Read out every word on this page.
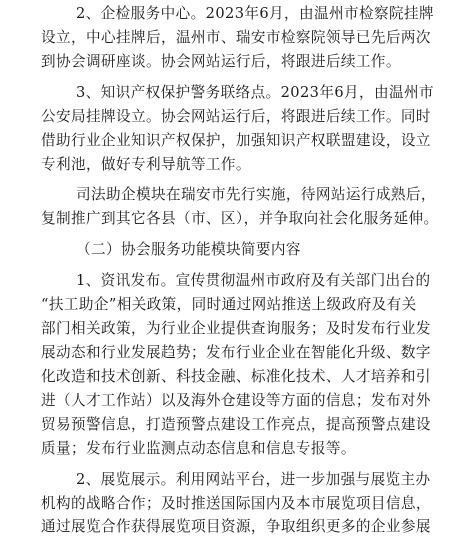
2、企检服务中心。2023年6月，由温州市检察院挂牌
设立，中心挂牌后，温州市、瑞安市检察院领导已先后两次
到协会调研座谈。协会网站运行后，将跟进后续工作。
3、知识产权保护警务联络点。2023年6月，由温州市
公安局挂牌设立。协会网站运行后，将跟进后续工作。同时
借助行业企业知识产权保护，加强知识产权联盟建设，设立
专利池，做好专利导航等工作。
司法助企模块在瑞安市先行实施，待网站运行成熟后，
复制推广到其它各县（市、区），并争取向社会化服务延伸。
（二）协会服务功能模块简要内容
1、资讯发布。宣传贯彻温州市政府及有关部门出台的
“扶工助企”相关政策，同时通过网站推送上级政府及有关
部门相关政策，为行业企业提供查询服务；及时发布行业发
展动态和行业发展趋势；发布行业企业在智能化升级、数字
化改造和技术创新、科技金融、标准化技术、人才培养和引
进（人才工作站）以及海外仓建设等方面的信息；发布对外
贸易预警信息，打造预警点建设工作亮点，提高预警点建设
质量；发布行业监测点动态信息和信息专报等。
2、展览展示。利用网站平台，进一步加强与展览主办
机构的战略合作；及时推送国际国内及本市展览项目信息，
通过展览合作获得展览项目资源，争取组织更多的企业参展
